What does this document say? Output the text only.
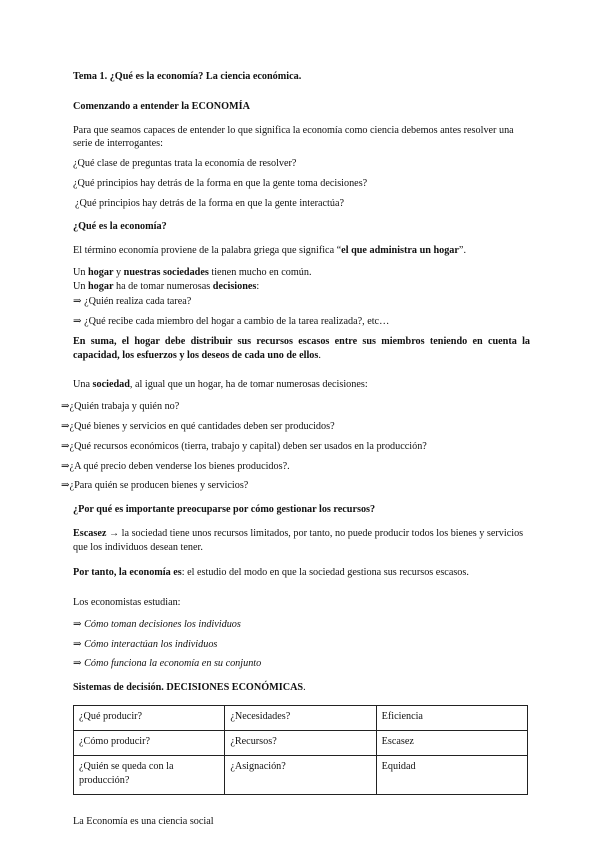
Tema 1. ¿Qué es la economía? La ciencia económica.

Comenzando a entender la ECONOMÍA

Para que seamos capaces de entender lo que significa la economía como ciencia debemos antes resolver una serie de interrogantes:

¿Qué clase de preguntas trata la economía de resolver?

¿Qué principios hay detrás de la forma en que la gente toma decisiones?

¿Qué principios hay detrás de la forma en que la gente interactúa?

¿Qué es la economía?

El término economía proviene de la palabra griega que significa “el que administra un hogar”.

Un hogar y nuestras sociedades tienen mucho en común.

Un hogar ha de tomar numerosas decisiones:

⇒ ¿Quién realiza cada tarea?

⇒ ¿Qué recibe cada miembro del hogar a cambio de la tarea realizada?, etc…

En suma, el hogar debe distribuir sus recursos escasos entre sus miembros teniendo en cuenta la capacidad, los esfuerzos y los deseos de cada uno de ellos.

Una sociedad, al igual que un hogar, ha de tomar numerosas decisiones:

⇒¿Quién trabaja y quién no?

⇒¿Qué bienes y servicios en qué cantidades deben ser producidos?

⇒¿Qué recursos económicos (tierra, trabajo y capital) deben ser usados en la producción?

⇒¿A qué precio deben venderse los bienes producidos?.

⇒¿Para quién se producen bienes y servicios?

¿Por qué es importante preocuparse por cómo gestionar los recursos?

Escasez → la sociedad tiene unos recursos limitados, por tanto, no puede producir todos los bienes y servicios que los individuos desean tener.

Por tanto, la economía es: el estudio del modo en que la sociedad gestiona sus recursos escasos.

Los economistas estudian:

⇒ Cómo toman decisiones los individuos

⇒ Cómo interactúan los individuos

⇒ Cómo funciona la economía en su conjunto

Sistemas de decisión. DECISIONES ECONÓMICAS.

¿Qué producir?	¿Necesidades?	Eficiencia
¿Cómo producir?	¿Recursos?	Escasez
¿Quién se queda con la producción?	¿Asignación?	Equidad

La Economía es una ciencia social
